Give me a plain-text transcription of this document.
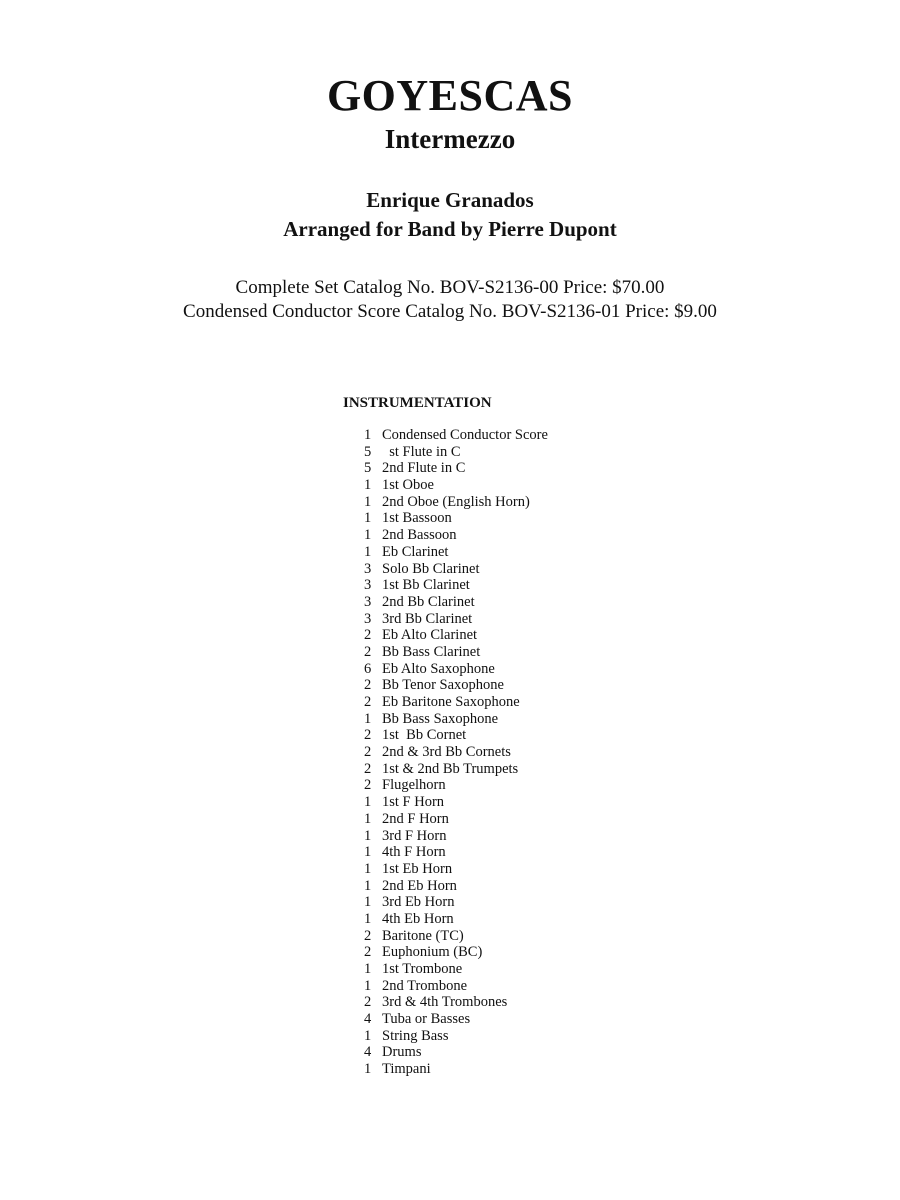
GOYESCAS
Intermezzo
Enrique Granados
Arranged for Band by Pierre Dupont
Complete Set Catalog No. BOV-S2136-00 Price: $70.00
Condensed Conductor Score Catalog No. BOV-S2136-01 Price: $9.00
INSTRUMENTATION
1 Condensed Conductor Score
5 st Flute in C
5 2nd Flute in C
1 1st Oboe
1 2nd Oboe (English Horn)
1 1st Bassoon
1 2nd Bassoon
1 Eb Clarinet
3 Solo Bb Clarinet
3 1st Bb Clarinet
3 2nd Bb Clarinet
3 3rd Bb Clarinet
2 Eb Alto Clarinet
2 Bb Bass Clarinet
6 Eb Alto Saxophone
2 Bb Tenor Saxophone
2 Eb Baritone Saxophone
1 Bb Bass Saxophone
2 1st  Bb Cornet
2 2nd & 3rd Bb Cornets
2 1st & 2nd Bb Trumpets
2 Flugelhorn
1 1st F Horn
1 2nd F Horn
1 3rd F Horn
1 4th F Horn
1 1st Eb Horn
1 2nd Eb Horn
1 3rd Eb Horn
1 4th Eb Horn
2 Baritone (TC)
2 Euphonium (BC)
1 1st Trombone
1 2nd Trombone
2 3rd & 4th Trombones
4 Tuba or Basses
1 String Bass
4 Drums
1 Timpani
